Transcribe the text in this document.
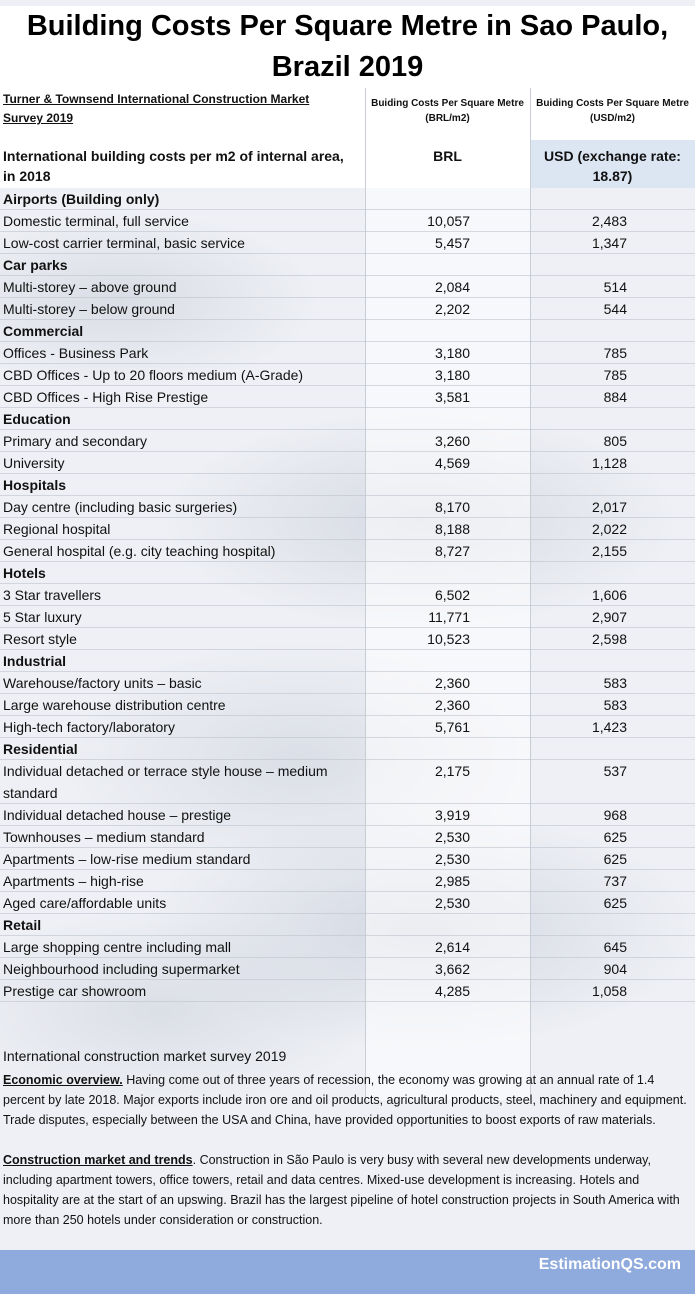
Building Costs Per Square Metre in Sao Paulo, Brazil 2019
Turner & Townsend International Construction Market Survey 2019
Buiding Costs Per Square Metre (BRL/m2)
Buiding Costs Per Square Metre (USD/m2)
International building costs per m2 of internal area, in 2018
BRL	USD (exchange rate: 18.87)
Airports (Building only)
Domestic terminal, full service	10,057	2,483
Low-cost carrier terminal, basic service	5,457	1,347
Car parks
Multi-storey – above ground	2,084	514
Multi-storey – below ground	2,202	544
Commercial
Offices - Business Park	3,180	785
CBD Offices - Up to 20 floors medium (A-Grade)	3,180	785
CBD Offices - High Rise Prestige	3,581	884
Education
Primary and secondary	3,260	805
University	4,569	1,128
Hospitals
Day centre (including basic surgeries)	8,170	2,017
Regional hospital	8,188	2,022
General hospital (e.g. city teaching hospital)	8,727	2,155
Hotels
3 Star travellers	6,502	1,606
5 Star luxury	11,771	2,907
Resort style	10,523	2,598
Industrial
Warehouse/factory units – basic	2,360	583
Large warehouse distribution centre	2,360	583
High-tech factory/laboratory	5,761	1,423
Residential
Individual detached or terrace style house – medium standard
2,175	537
Individual detached house – prestige	3,919	968
Townhouses – medium standard	2,530	625
Apartments – low-rise medium standard	2,530	625
Apartments – high-rise	2,985	737
Aged care/affordable units	2,530	625
Retail
Large shopping centre including mall	2,614	645
Neighbourhood including supermarket	3,662	904
Prestige car showroom	4,285	1,058
International construction market survey 2019
Economic overview. Having come out of three years of recession, the economy was growing at an annual rate of 1.4 percent by late 2018. Major exports include iron ore and oil products, agricultural products, steel, machinery and equipment. Trade disputes, especially between the USA and China, have provided opportunities to boost exports of raw materials.
Construction market and trends. Construction in São Paulo is very busy with several new developments underway, including apartment towers, office towers, retail and data centres. Mixed-use development is increasing. Hotels and hospitality are at the start of an upswing. Brazil has the largest pipeline of hotel construction projects in South America with more than 250 hotels under consideration or construction.
EstimationQS.com
